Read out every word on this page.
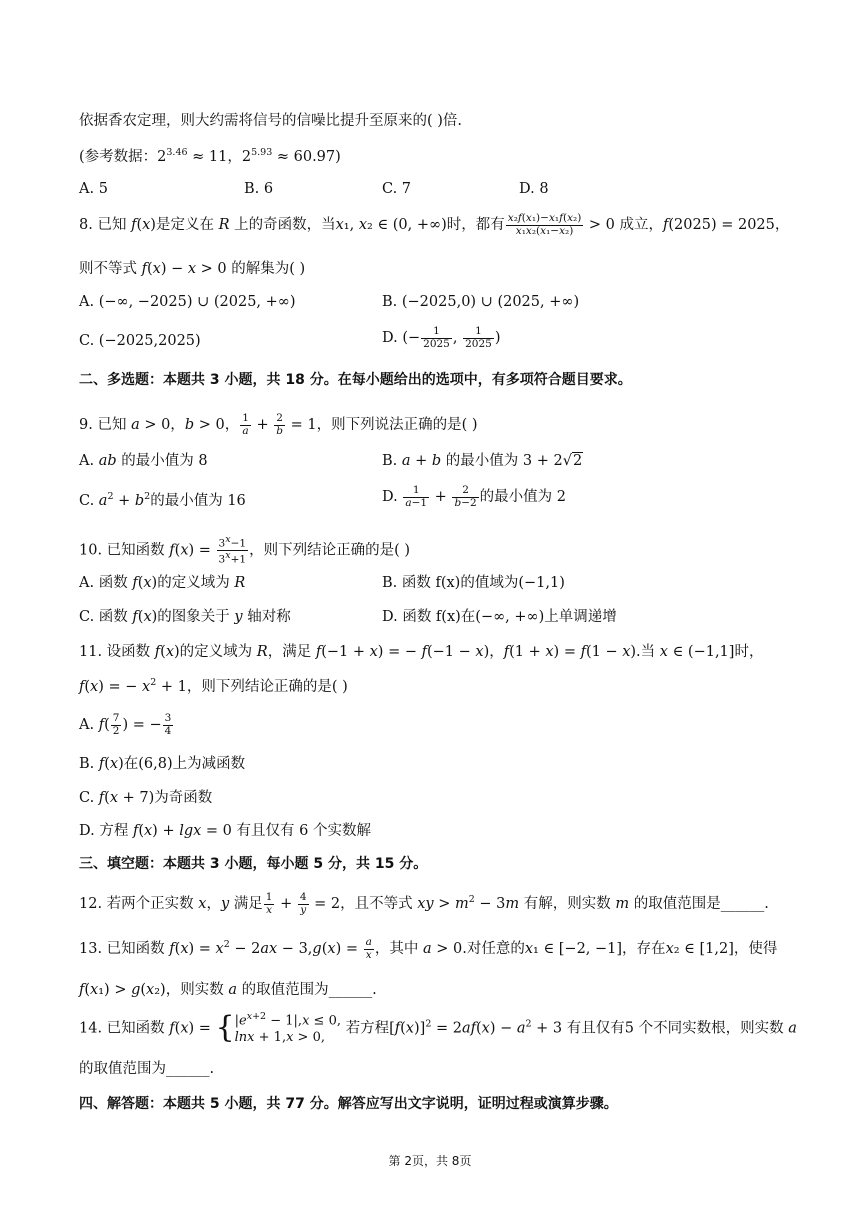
依据香农定理，则大约需将信号的信噪比提升至原来的( )倍.
(参考数据：$2^{3.46} \approx 11$，$2^{5.93} \approx 60.97$)
A. 5	B. 6	C. 7	D. 8
8. 已知 f(x)是定义在 R 上的奇函数，当x₁, x₂ ∈ (0, +∞)时，都有 $\frac{\text{x₂f(x₁)−x₁f(x₂)}}{\text{x₁x₂(x₁−x₂)}} > 0$ 成立，f(2025) = 2025，
则不等式 f(x) − x > 0 的解集为( )
A. (−∞, −2025) ∪ (2025, +∞)	B. (−2025,0) ∪ (2025, +∞)
C. (−2025,2025)	D. (− $\frac{1}{2025}$ , $\frac{1}{2025}$ )
二、多选题：本题共 3 小题，共 18 分。在每小题给出的选项中，有多项符合题目要求。
9. 已知 a > 0，b > 0， $\frac{1}{a} + \frac{2}{b} = 1$，则下列说法正确的是( )
A. ab 的最小值为 8	B. a + b 的最小值为 3 + 2√2
C. $a^2 + b^2$的最小值为 16	D. $\frac{1}{a-1} + \frac{2}{b-2}$ 的最小值为 2
10. 已知函数 $f(x) = \frac{3^x-1}{3^x+1}$ ，则下列结论正确的是( )
A. 函数 f(x)的定义域为 R	B. 函数 f(x)的值域为(−1,1)
C. 函数 f(x)的图象关于 y 轴对称	D. 函数 f(x)在(−∞, +∞)上单调递增
11. 设函数 f(x)的定义域为 R，满足 f(−1 + x) = − f(−1 − x)，f(1 + x) = f(1 − x).当 x ∈ (−1,1]时，
f(x) = − $x^2 + 1$，则下列结论正确的是( )
A. $f( \frac{7}{2}$ ) = − $\frac{3}{4}$
B. f(x)在(6,8)上为减函数
C. f(x + 7)为奇函数
D. 方程 f(x) + lgx = 0 有且仅有 6 个实数解
三、填空题：本题共 3 小题，每小题 5 分，共 15 分。
12. 若两个正实数 x，y 满足 $\frac{1}{x} + \frac{4}{y} = 2$，且不等式 xy > $m^2 - 3m$ 有解，则实数 m 的取值范围是______.
13. 已知函数 $f(x) = x^2 - 2ax - 3,g(x) = \frac{a}{x}$ ，其中 a > 0.对任意的x₁ ∈ [−2, −1]，存在x₂ ∈ [1,2]，使得
f(x₁) > g(x₂)，则实数 a 的取值范围为______.
14. 已知函数 $f(x) = \{|e^{x+2} - 1|,x \le 0$,
lnx + 1,x > 0, 若方程$[f(x)]^2 = 2af(x) - a^2 + 3$ 有且仅有5 个不同实数根，则实数 a
的取值范围为______.
四、解答题：本题共 5 小题，共 77 分。解答应写出文字说明，证明过程或演算步骤。
第 2页，共 8页
